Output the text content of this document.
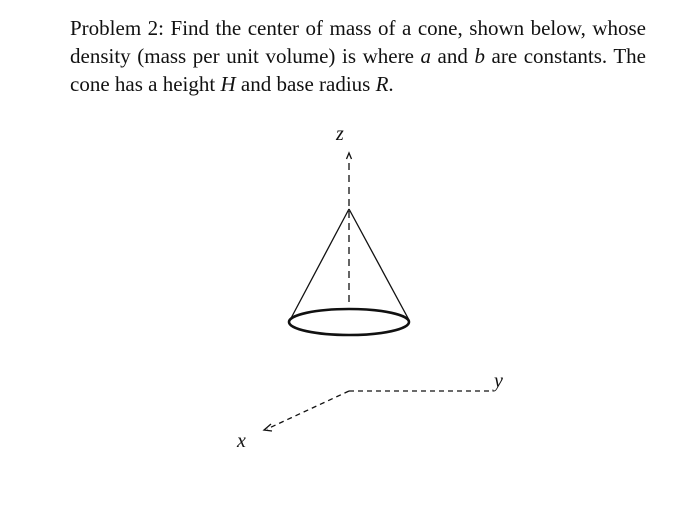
Problem 2: Find the center of mass of a cone, shown below, whose density (mass per unit volume) is where a and b are constants. The cone has a height H and base radius R.

z
y
x
